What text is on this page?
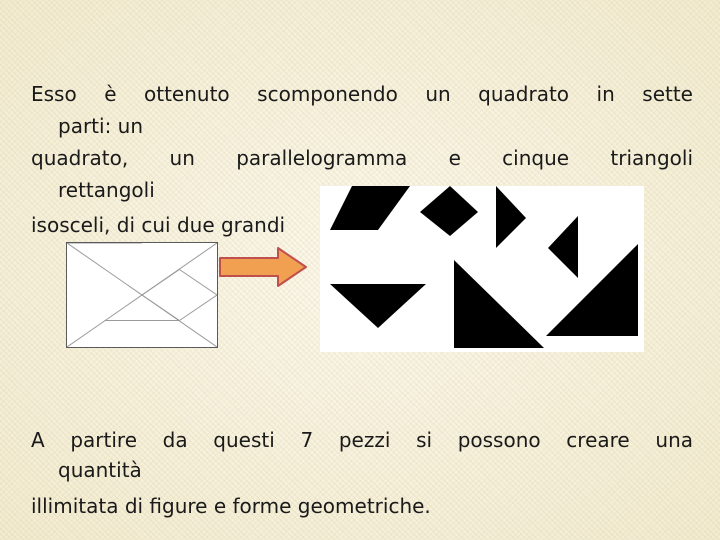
Esso è ottenuto scomponendo un quadrato in sette

parti: un

quadrato, un parallelogramma e cinque triangoli

rettangoli

isosceli, di cui due grandi

A partire da questi 7 pezzi si possono creare una

quantità

illimitata di figure e forme geometriche.
